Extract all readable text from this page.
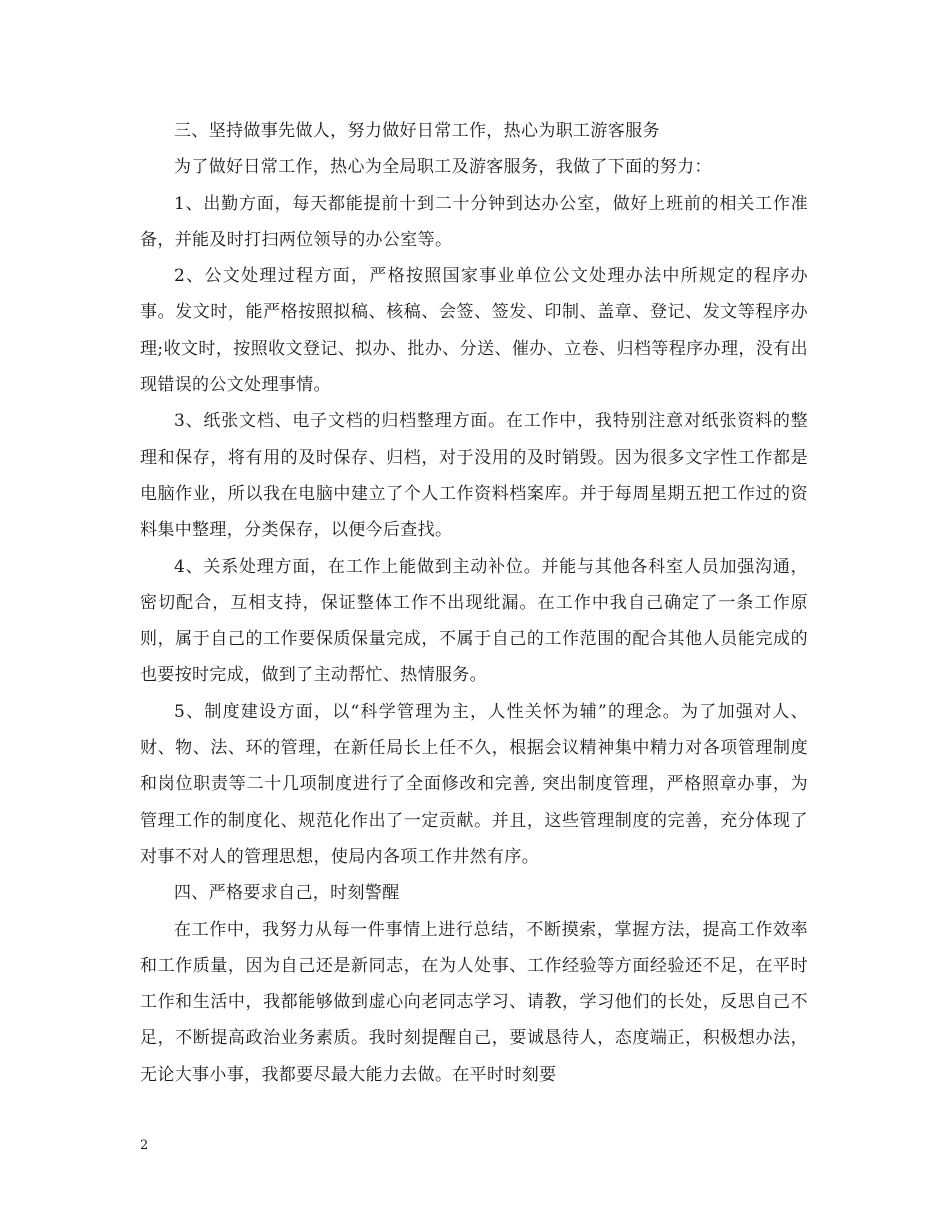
三、坚持做事先做人，努力做好日常工作，热心为职工游客服务

为了做好日常工作，热心为全局职工及游客服务，我做了下面的努力：

1、出勤方面，每天都能提前十到二十分钟到达办公室，做好上班前的相关工作准备，并能及时打扫两位领导的办公室等。

2、公文处理过程方面，严格按照国家事业单位公文处理办法中所规定的程序办事。发文时，能严格按照拟稿、核稿、会签、签发、印制、盖章、登记、发文等程序办理;收文时，按照收文登记、拟办、批办、分送、催办、立卷、归档等程序办理，没有出现错误的公文处理事情。

3、纸张文档、电子文档的归档整理方面。在工作中，我特别注意对纸张资料的整理和保存，将有用的及时保存、归档，对于没用的及时销毁。因为很多文字性工作都是电脑作业，所以我在电脑中建立了个人工作资料档案库。并于每周星期五把工作过的资料集中整理，分类保存，以便今后查找。

4、关系处理方面，在工作上能做到主动补位。并能与其他各科室人员加强沟通，密切配合，互相支持，保证整体工作不出现纰漏。在工作中我自己确定了一条工作原则，属于自己的工作要保质保量完成，不属于自己的工作范围的配合其他人员能完成的也要按时完成，做到了主动帮忙、热情服务。

5、制度建设方面，以“科学管理为主，人性关怀为辅”的理念。为了加强对人、财、物、法、环的管理，在新任局长上任不久，根据会议精神集中精力对各项管理制度和岗位职责等二十几项制度进行了全面修改和完善, 突出制度管理，严格照章办事，为管理工作的制度化、规范化作出了一定贡献。并且，这些管理制度的完善，充分体现了对事不对人的管理思想，使局内各项工作井然有序。

四、严格要求自己，时刻警醒

在工作中，我努力从每一件事情上进行总结，不断摸索，掌握方法，提高工作效率和工作质量，因为自己还是新同志，在为人处事、工作经验等方面经验还不足，在平时工作和生活中，我都能够做到虚心向老同志学习、请教，学习他们的长处，反思自己不足，不断提高政治业务素质。我时刻提醒自己，要诚恳待人，态度端正，积极想办法，无论大事小事，我都要尽最大能力去做。在平时时刻要

2
